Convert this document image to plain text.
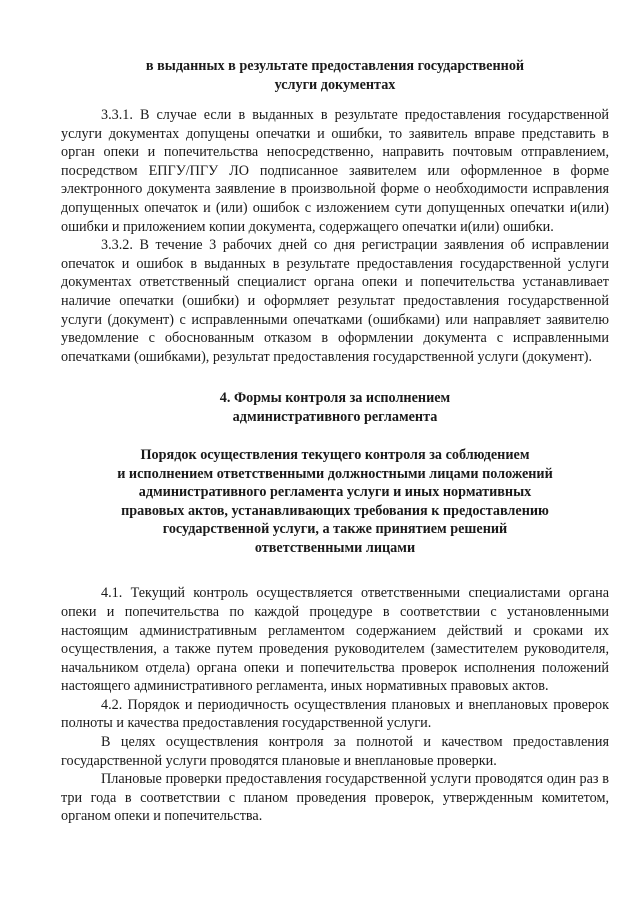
в выданных в результате предоставления государственной
услуги документах

3.3.1. В случае если в выданных в результате предоставления государственной услуги документах допущены опечатки и ошибки, то заявитель вправе представить в орган опеки и попечительства непосредственно, направить почтовым отправлением, посредством ЕПГУ/ПГУ ЛО подписанное заявителем или оформленное в форме электронного документа заявление в произвольной форме о необходимости исправления допущенных опечаток и (или) ошибок с изложением сути допущенных опечатки и(или) ошибки и приложением копии документа, содержащего опечатки и(или) ошибки.

3.3.2. В течение 3 рабочих дней со дня регистрации заявления об исправлении опечаток и ошибок в выданных в результате предоставления государственной услуги документах ответственный специалист органа опеки и попечительства устанавливает наличие опечатки (ошибки) и оформляет результат предоставления государственной услуги (документ) с исправленными опечатками (ошибками) или направляет заявителю уведомление с обоснованным отказом в оформлении документа с исправленными опечатками (ошибками), результат предоставления государственной услуги (документ).

4. Формы контроля за исполнением
административного регламента

Порядок осуществления текущего контроля за соблюдением
и исполнением ответственными должностными лицами положений
административного регламента услуги и иных нормативных
правовых актов, устанавливающих требования к предоставлению
государственной услуги, а также принятием решений
ответственными лицами

4.1. Текущий контроль осуществляется ответственными специалистами органа опеки и попечительства по каждой процедуре в соответствии с установленными настоящим административным регламентом содержанием действий и сроками их осуществления, а также путем проведения руководителем (заместителем руководителя, начальником отдела) органа опеки и попечительства проверок исполнения положений настоящего административного регламента, иных нормативных правовых актов.

4.2. Порядок и периодичность осуществления плановых и внеплановых проверок полноты и качества предоставления государственной услуги.

В целях осуществления контроля за полнотой и качеством предоставления государственной услуги проводятся плановые и внеплановые проверки.

Плановые проверки предоставления государственной услуги проводятся один раз в три года в соответствии с планом проведения проверок, утвержденным комитетом, органом опеки и попечительства.
